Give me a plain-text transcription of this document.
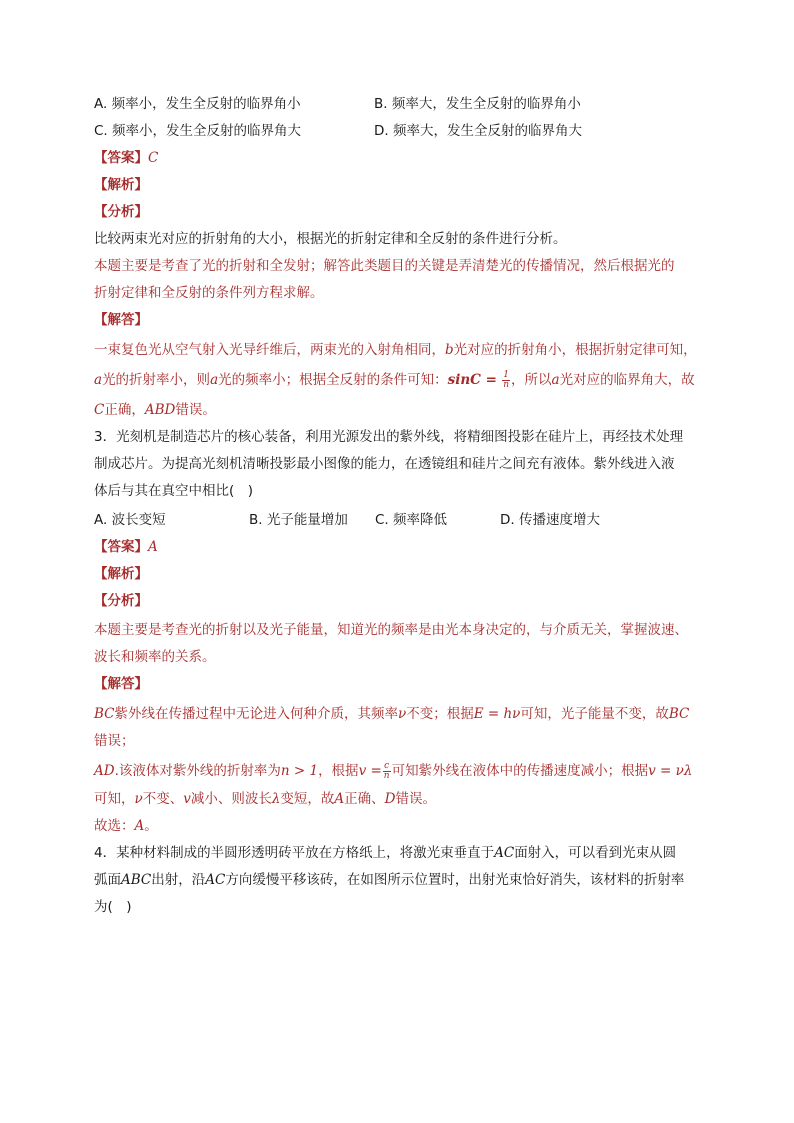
A. 频率小，发生全反射的临界角小	B. 频率大，发生全反射的临界角小
C. 频率小，发生全反射的临界角大	D. 频率大，发生全反射的临界角大
【答案】C
【解析】
【分析】
比较两束光对应的折射角的大小，根据光的折射定律和全反射的条件进行分析。
本题主要是考查了光的折射和全发射；解答此类题目的关键是弄清楚光的传播情况，然后根据光的
折射定律和全反射的条件列方程求解。
【解答】
一束复色光从空气射入光导纤维后，两束光的入射角相同，b光对应的折射角小，根据折射定律可知，
a光的折射率小，则a光的频率小；根据全反射的条件可知：$\sin C = \frac{1}{n}$ ，所以a光对应的临界角大，故
C正确，ABD错误。
3．光刻机是制造芯片的核心装备，利用光源发出的紫外线，将精细图投影在硅片上，再经技术处理
制成芯片。为提高光刻机清晰投影最小图像的能力，在透镜组和硅片之间充有液体。紫外线进入液
体后与其在真空中相比(　)
A. 波长变短	B. 光子能量增加 C. 频率降低	D. 传播速度增大
【答案】A
【解析】
【分析】
本题主要是考查光的折射以及光子能量，知道光的频率是由光本身决定的，与介质无关，掌握波速、
波长和频率的关系。
【解答】
BC紫外线在传播过程中无论进入何种介质，其频率ν不变；根据E = hν可知，光子能量不变，故BC
错误；
AD.该液体对紫外线的折射率为n > 1，根据$v = \frac{c}{n}$ 可知紫外线在液体中的传播速度减小；根据v = νλ
可知，ν不变、v减小、则波长λ变短，故A正确、D错误。
故选：A。
4．某种材料制成的半圆形透明砖平放在方格纸上，将激光束垂直于AC面射入，可以看到光束从圆
弧面ABC出射，沿AC方向缓慢平移该砖，在如图所示位置时，出射光束恰好消失，该材料的折射率
为(　)
